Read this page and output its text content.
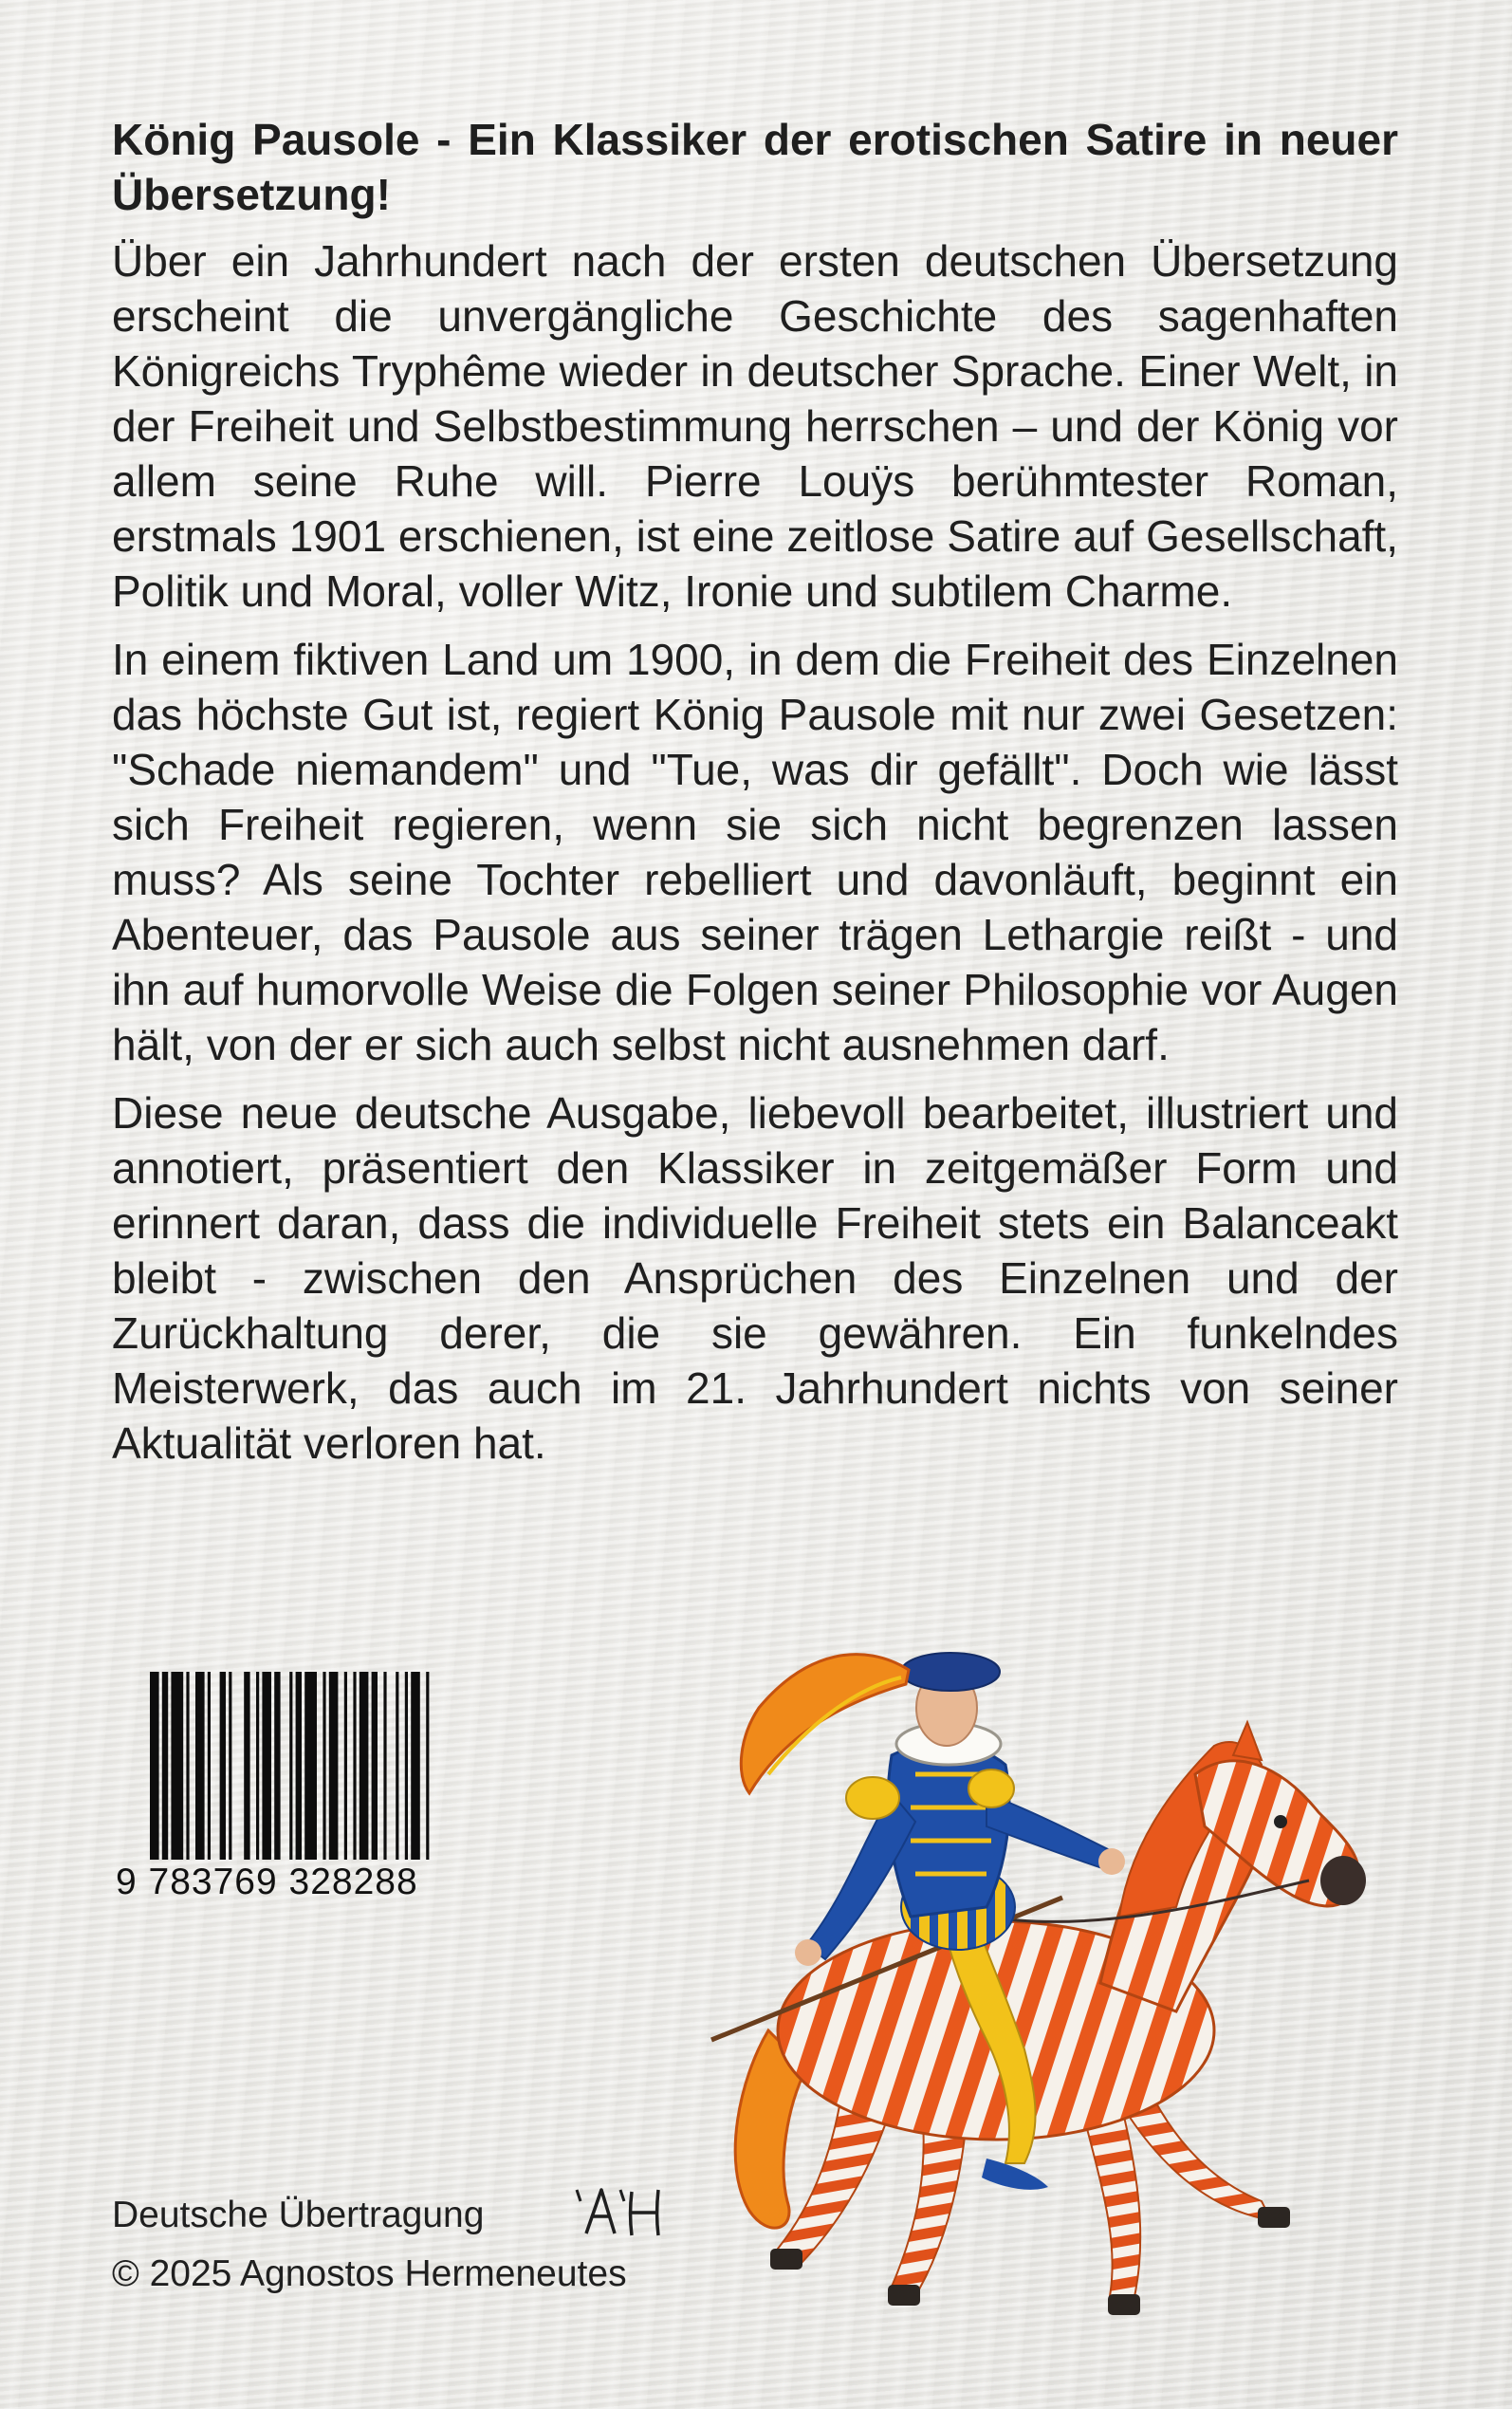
König Pausole - Ein Klassiker der erotischen Satire in neuer Übersetzung!

Über ein Jahrhundert nach der ersten deutschen Übersetzung erscheint die unvergängliche Geschichte des sagenhaften Königreichs Tryphême wieder in deutscher Sprache. Einer Welt, in der Freiheit und Selbstbestimmung herrschen – und der König vor allem seine Ruhe will. Pierre Louÿs berühmtester Roman, erstmals 1901 erschienen, ist eine zeitlose Satire auf Gesellschaft, Politik und Moral, voller Witz, Ironie und subtilem Charme.

In einem fiktiven Land um 1900, in dem die Freiheit des Einzelnen das höchste Gut ist, regiert König Pausole mit nur zwei Gesetzen: "Schade niemandem" und "Tue, was dir gefällt". Doch wie lässt sich Freiheit regieren, wenn sie sich nicht begrenzen lassen muss? Als seine Tochter rebelliert und davonläuft, beginnt ein Abenteuer, das Pausole aus seiner trägen Lethargie reißt - und ihn auf humorvolle Weise die Folgen seiner Philosophie vor Augen hält, von der er sich auch selbst nicht ausnehmen darf.

Diese neue deutsche Ausgabe, liebevoll bearbeitet, illustriert und annotiert, präsentiert den Klassiker in zeitgemäßer Form und erinnert daran, dass die individuelle Freiheit stets ein Balanceakt bleibt - zwischen den Ansprüchen des Einzelnen und der Zurückhaltung derer, die sie gewähren. Ein funkelndes Meisterwerk, das auch im 21. Jahrhundert nichts von seiner Aktualität verloren hat.

9 783769 328288
Deutsche Übertragung
© 2025 Agnostos Hermeneutes
